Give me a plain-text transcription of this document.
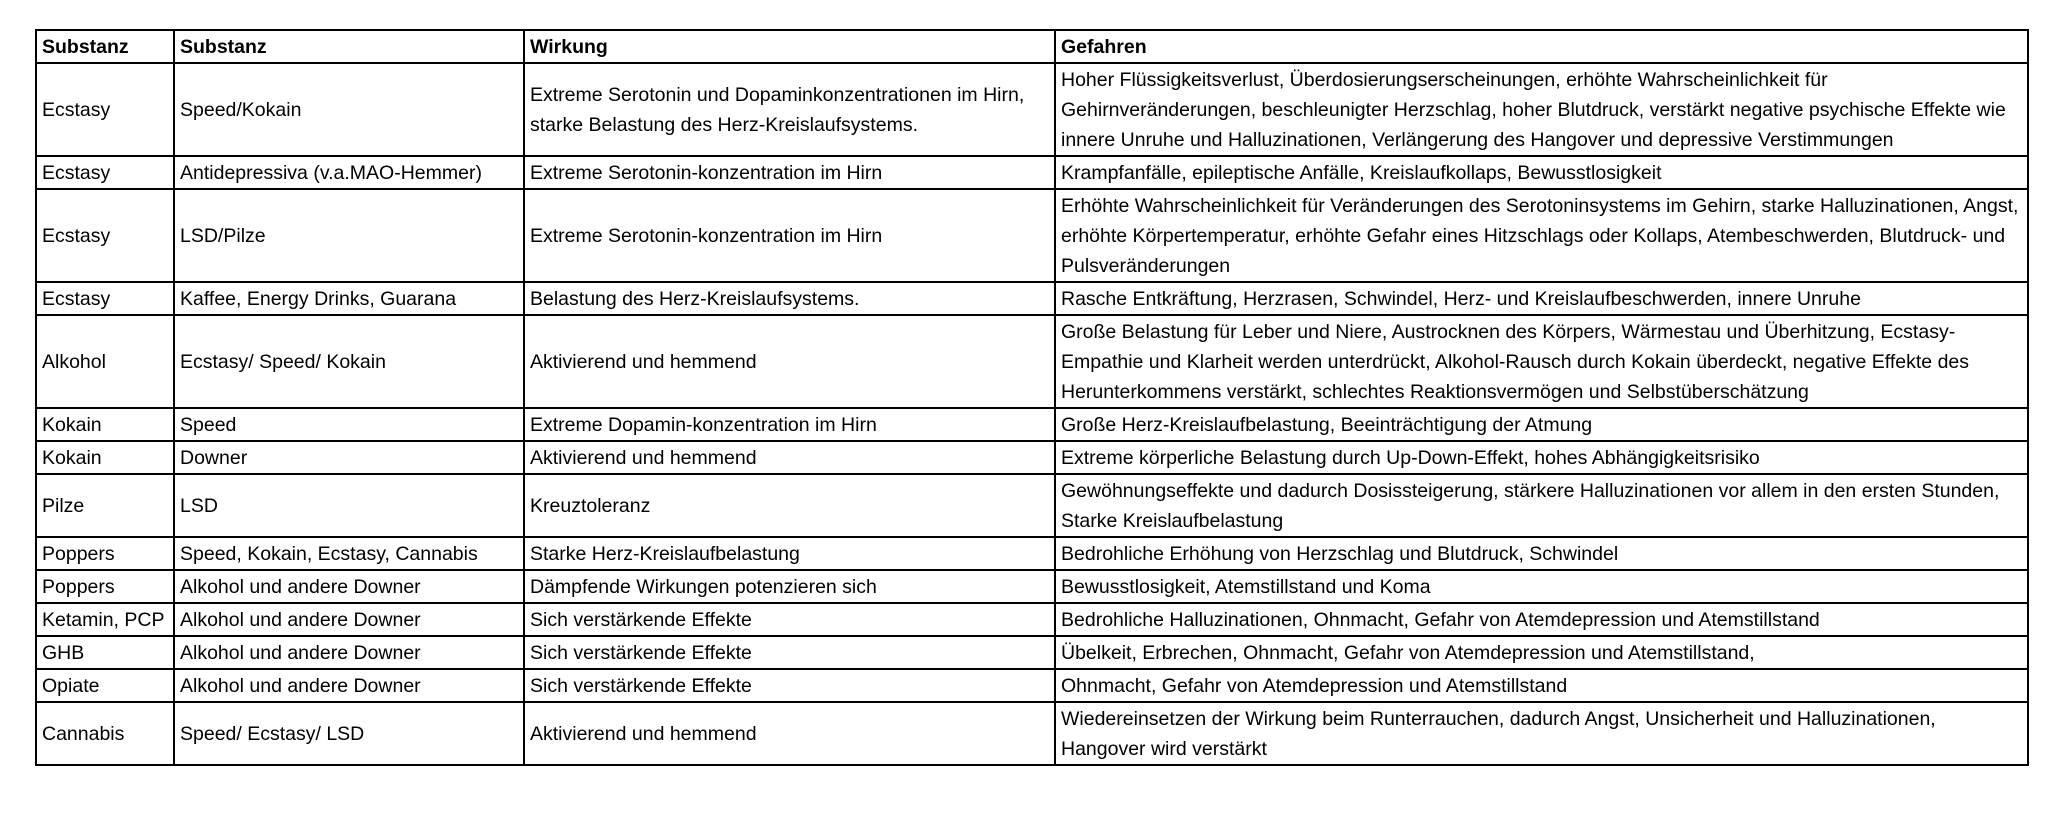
Substanz	Substanz	Wirkung	Gefahren
Ecstasy	Speed/Kokain	Extreme Serotonin und Dopaminkonzentrationen im Hirn, starke Belastung des Herz-Kreislaufsystems.	Hoher Flüssigkeitsverlust, Überdosierungserscheinungen, erhöhte Wahrscheinlichkeit für Gehirnveränderungen, beschleunigter Herzschlag, hoher Blutdruck, verstärkt negative psychische Effekte wie innere Unruhe und Halluzinationen, Verlängerung des Hangover und depressive Verstimmungen
Ecstasy	Antidepressiva (v.a.MAO-Hemmer)	Extreme Serotonin-konzentration im Hirn	Krampfanfälle, epileptische Anfälle, Kreislaufkollaps, Bewusstlosigkeit
Ecstasy	LSD/Pilze	Extreme Serotonin-konzentration im Hirn	Erhöhte Wahrscheinlichkeit für Veränderungen des Serotoninsystems im Gehirn, starke Halluzinationen, Angst, erhöhte Körpertemperatur, erhöhte Gefahr eines Hitzschlags oder Kollaps, Atembeschwerden, Blutdruck- und Pulsveränderungen
Ecstasy	Kaffee, Energy Drinks, Guarana	Belastung des Herz-Kreislaufsystems.	Rasche Entkräftung, Herzrasen, Schwindel, Herz- und Kreislaufbeschwerden, innere Unruhe
Alkohol	Ecstasy/ Speed/ Kokain	Aktivierend und hemmend	Große Belastung für Leber und Niere, Austrocknen des Körpers, Wärmestau und Überhitzung, Ecstasy-Empathie und Klarheit werden unterdrückt, Alkohol-Rausch durch Kokain überdeckt, negative Effekte des Herunterkommens verstärkt, schlechtes Reaktionsvermögen und Selbstüberschätzung
Kokain	Speed	Extreme Dopamin-konzentration im Hirn	Große Herz-Kreislaufbelastung, Beeinträchtigung der Atmung
Kokain	Downer	Aktivierend und hemmend	Extreme körperliche Belastung durch Up-Down-Effekt, hohes Abhängigkeitsrisiko
Pilze	LSD	Kreuztoleranz	Gewöhnungseffekte und dadurch Dosissteigerung, stärkere Halluzinationen vor allem in den ersten Stunden, Starke Kreislaufbelastung
Poppers	Speed, Kokain, Ecstasy, Cannabis	Starke Herz-Kreislaufbelastung	Bedrohliche Erhöhung von Herzschlag und Blutdruck, Schwindel
Poppers	Alkohol und andere Downer	Dämpfende Wirkungen potenzieren sich	Bewusstlosigkeit, Atemstillstand und Koma
Ketamin, PCP	Alkohol und andere Downer	Sich verstärkende Effekte	Bedrohliche Halluzinationen, Ohnmacht, Gefahr von Atemdepression und Atemstillstand
GHB	Alkohol und andere Downer	Sich verstärkende Effekte	Übelkeit, Erbrechen, Ohnmacht, Gefahr von Atemdepression und Atemstillstand,
Opiate	Alkohol und andere Downer	Sich verstärkende Effekte	Ohnmacht, Gefahr von Atemdepression und Atemstillstand
Cannabis	Speed/ Ecstasy/ LSD	Aktivierend und hemmend	Wiedereinsetzen der Wirkung beim Runterrauchen, dadurch Angst, Unsicherheit und Halluzinationen, Hangover wird verstärkt
